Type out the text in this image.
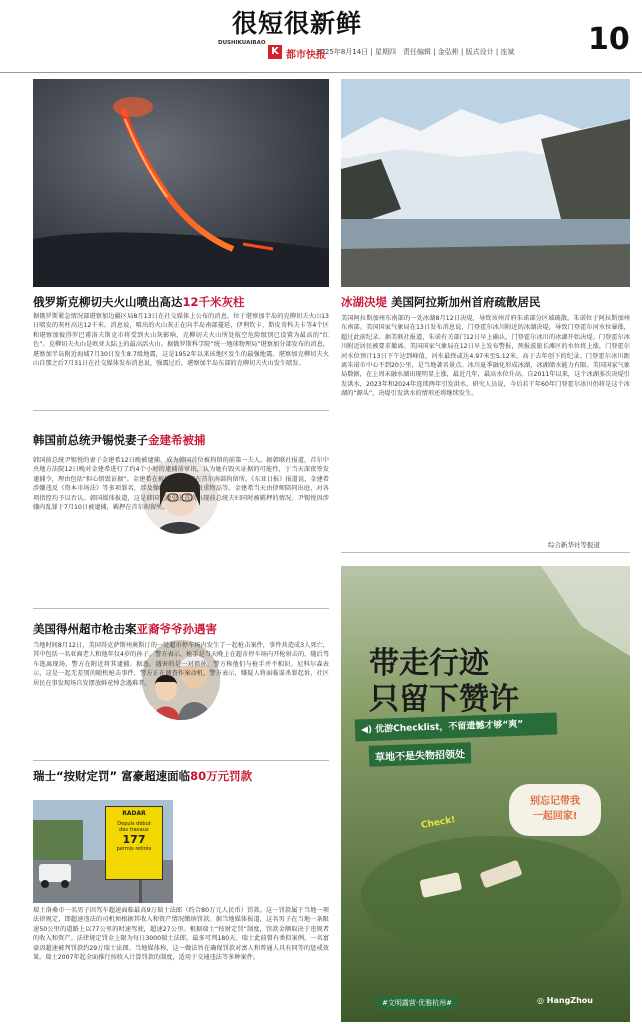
很短很新鲜
DUSHIKUAIBAO
K 都市快报
2025年8月14日 | 星期四　责任编辑 | 金弘彬 | 版式设计 | 连斌 10
俄罗斯克柳切夫火山喷出高达12千米灰柱
据俄罗斯紧急情况部堪察加边疆区局8月13日在社交媒体上公布的消息，位于堪察加半岛的克柳切夫火山13日喷发的灰柱高达12千米。消息说，喷出的火山灰正在向半岛南部蔓延，伊利钦卡、斯皮奇科夫卡等4个区和堪察加彼得罗巴甫洛夫斯克市将受到火山灰影响，克柳切夫火山所处航空危险级别已设置为最高的“红色”。克柳切夫火山是欧亚大陆上的最高活火山。据俄罗斯科学院“统一地球物理局”堪察加分部发布的消息，堪察加半岛附近海域7月30日发生8.7级地震，这是1952年以来该地区发生的最强地震。堪察加克柳切夫火山自那之后7月31日在社交媒体发布消息说，强震过后，堪察加半岛东部的克柳切夫火山发生喷发。
冰湖决堤 美国阿拉斯加州首府疏散居民
美国阿拉斯加州东南部的一处冰湖8月12日决堤，导致该州首府朱诺部分区域疏散。朱诺位于阿拉斯加州东南部。美国国家气象局在13日发布消息说，门登霍尔冰川附近的冰湖决堤，导致门登霍尔河水位暴涨，超过此前纪录。据美联社报道，朱诺有关部门12日早上确认，门登霍尔冰川的冰湖开始决堤。门登霍尔冰川附近居民被要求撤离。美国国家气象局在12日早上发布警报，预报波旅长滩区的水位将上涨，门登霍尔河水位预计13日下午达到峰值，河水最终或达4.97米至5.12米，高于去年创下的纪录。门登霍尔冰川距离朱诺市中心不到20公里，是当地著名景点。冰川夏季融化形成冰湖，冰湖储水能力有限。美国国家气象局数据，在上周末融水湖出现明显上涨，最近几年，最高水位升高。自2011年以来，这个冰湖多次决堤引发洪水，2023年和2024年连续两年引发洪水。研究人员说，今后若干年60年门登霍尔冰川仍将是这个冰湖的“源头”，决堤引发洪水的情形还将继续发生。
综合新华社等报道
韩国前总统尹锡悦妻子金建希被捕
韩国前总统尹锡悦的妻子金建希12日晚被逮捕，成为韩国首位被拘留的前第一夫人。据韩联社报道，首尔中央地方法院12日晚对金建希进行了约4个小时的逮捕前审讯，认为她有毁灭证据的可能性，于当天深夜签发逮捕令，理由包括“担心销毁证据”。金建希在被捕后被收押在首尔南部拘留所。《东亚日报》报道说，金建希涉嫌违反《资本市场法》等多项罪名，涉及操纵股价、收受贵重物品等。金建希当天由律师陪同出庭，对各项指控均予以否认。韩国媒体报道，这是韩国宪政史上首次出现前总统夫妇同时被羁押的情况。尹锡悦因涉嫌内乱罪于7月10日被逮捕，羁押在首尔拘留所。
美国得州超市枪击案亚裔爷爷孙遇害
当地时间8月12日，美国得克萨斯州奥斯汀的一处超市停车场内发生了一起枪击案件，事件共造成3人死亡，其中包括一名亚裔老人和他年仅4岁的孙子。警方表示，枪手是当天晚上在超市停车场内开枪射击的，随后驾车逃离现场，警方在附近将其逮捕。据悉，遇害的是一对祖孙，警方称他们与枪手并不相识。尼科尔森表示，这是一起无差别的随机枪击事件，警方正在调查作案动机。警方表示，嫌疑人将面临谋杀罪起诉，社区居民在事发现场自发摆放鲜花悼念遇难者。
瑞士“按财定罚” 富豪超速面临80万元罚款
RADAR
Depuis début
des travaux
177
permis retirés
瑞士洛桑市一名男子因驾车超速面临最高9万瑞士法郎（约合80万元人民币）罚款。这一罚款属于当地一项法律规定，即超速违法的司机须根据其收入和资产情况缴纳罚款。据当地媒体报道，这名男子在当地一条限速50公里的道路上以77公里的时速驾驶，超速27公里。根据瑞士“按财定罚”制度，罚款金额取决于违规者的收入和资产。法律规定罚金上限为每日3000瑞士法郎，最多可判180天。瑞士此前曾有类似案例，一名富豪因超速被判罚款约29万瑞士法郎。当地媒体称，这一做法旨在确保罚款对富人和普通人具有同等的惩戒效果。瑞士2007年起全面推行按收入计算罚款的制度，适用于交通违法等多种案件。
带走行迹
只留下赞许
◀) 优游Checklist，不留遗憾才够“爽”
草地不是失物招领处
别忘记带我
一起回家!
Check!
#文明露营·优雅杭州#	◎ HangZhou
